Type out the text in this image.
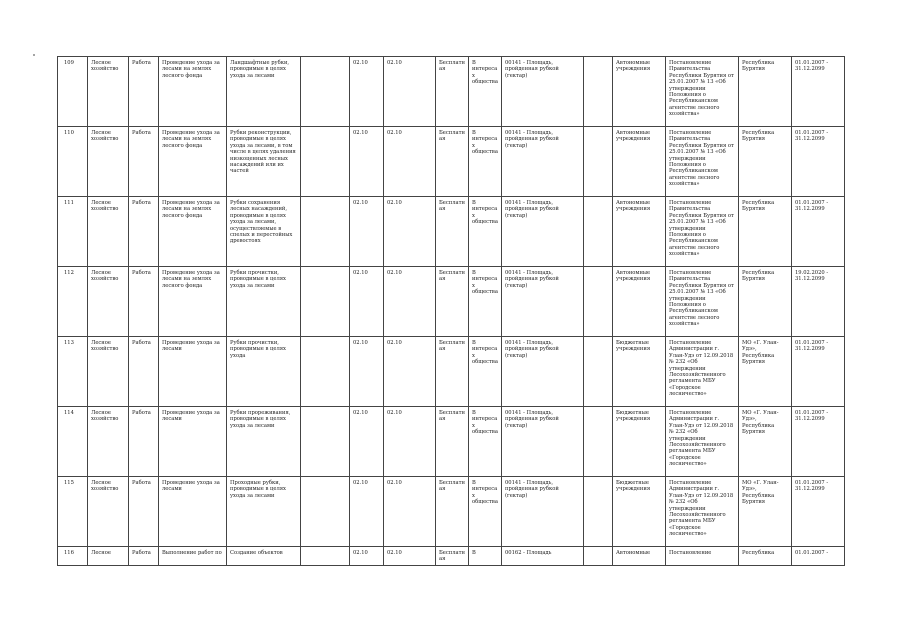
109	Лесное хозяйство	Работа	Проведение ухода за лесами на землях лесного фонда	Ландшафтные рубки, проводимые в целях ухода за лесами		02.10	02.10	Бесплатная	В интересах общества	00141 - Площадь, пройденная рубкой (гектар)		Автономные учреждения	Постановление Правительства Республики Бурятия от 25.01.2007 № 13 «Об утверждении Положения о Республиканском агентстве лесного хозяйства»	Республика Бурятия	01.01.2007 - 31.12.2099
110	Лесное хозяйство	Работа	Проведение ухода за лесами на землях лесного фонда	Рубки реконструкции, проводимые в целях ухода за лесами, в том числе в целях удаления низкоценных лесных насаждений или их частей		02.10	02.10	Бесплатная	В интересах общества	00141 - Площадь, пройденная рубкой (гектар)		Автономные учреждения	Постановление Правительства Республики Бурятия от 25.01.2007 № 13 «Об утверждении Положения о Республиканском агентстве лесного хозяйства»	Республика Бурятия	01.01.2007 - 31.12.2099
111	Лесное хозяйство	Работа	Проведение ухода за лесами на землях лесного фонда	Рубки сохранения лесных насаждений, проводимые в целях ухода за лесами, осуществляемые в спелых и перестойных древостоях		02.10	02.10	Бесплатная	В интересах общества	00141 - Площадь, пройденная рубкой (гектар)		Автономные учреждения	Постановление Правительства Республики Бурятия от 25.01.2007 № 13 «Об утверждении Положения о Республиканском агентстве лесного хозяйства»	Республика Бурятия	01.01.2007 - 31.12.2099
112	Лесное хозяйство	Работа	Проведение ухода за лесами на землях лесного фонда	Рубки прочистки, проводимые в целях ухода за лесами		02.10	02.10	Бесплатная	В интересах общества	00141 - Площадь, пройденная рубкой (гектар)		Автономные учреждения	Постановление Правительства Республики Бурятия от 25.01.2007 № 13 «Об утверждении Положения о Республиканском агентстве лесного хозяйства»	Республика Бурятия	19.02.2020 - 31.12.2099
113	Лесное хозяйство	Работа	Проведение ухода за лесами	Рубки прочистки, проводимые в целях ухода		02.10	02.10	Бесплатная	В интересах общества	00141 - Площадь, пройденная рубкой (гектар)		Бюджетные учреждения	Постановление Администрации г. Улан-Удэ от 12.09.2018 № 232 «Об утверждении Лесохозяйственного регламента МБУ «Городское лесничество»	МО «Г. Улан-Удэ», Республика Бурятия	01.01.2007 - 31.12.2099
114	Лесное хозяйство	Работа	Проведение ухода за лесами	Рубки прореживания, проводимые в целях ухода за лесами		02.10	02.10	Бесплатная	В интересах общества	00141 - Площадь, пройденная рубкой (гектар)		Бюджетные учреждения	Постановление Администрации г. Улан-Удэ от 12.09.2018 № 232 «Об утверждении Лесохозяйственного регламента МБУ «Городское лесничество»	МО «Г. Улан-Удэ», Республика Бурятия	01.01.2007 - 31.12.2099
115	Лесное хозяйство	Работа	Проведение ухода за лесами	Проходные рубки, проводимые в целях ухода за лесами		02.10	02.10	Бесплатная	В интересах общества	00141 - Площадь, пройденная рубкой (гектар)		Бюджетные учреждения	Постановление Администрации г. Улан-Удэ от 12.09.2018 № 232 «Об утверждении Лесохозяйственного регламента МБУ «Городское лесничество»	МО «Г. Улан-Удэ», Республика Бурятия	01.01.2007 - 31.12.2099
116	Лесное	Работа	Выполнение работ по	Создание объектов		02.10	02.10	Бесплатная	В	00162 - Площадь		Автономные	Постановление	Республика	01.01.2007 -
